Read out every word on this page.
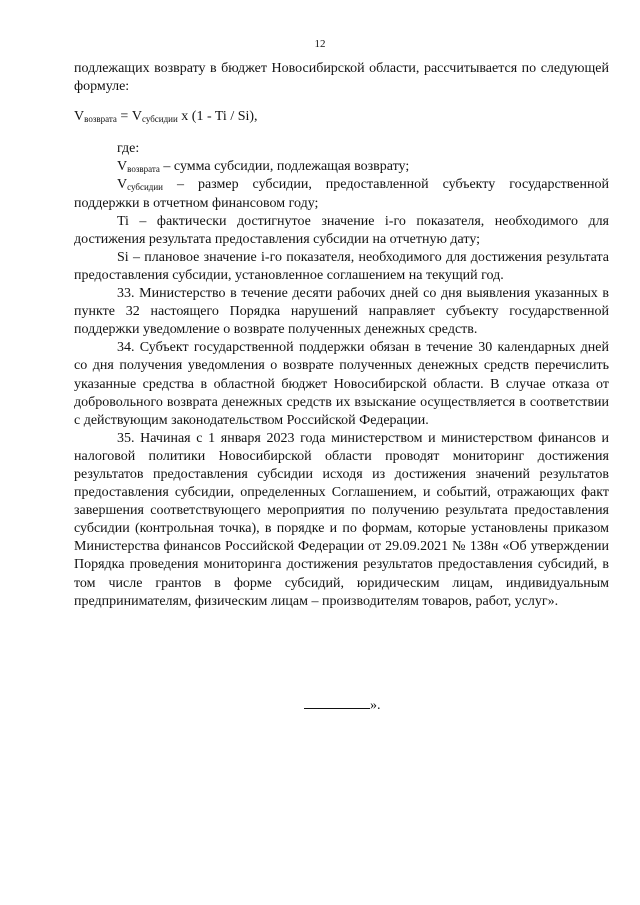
12

подлежащих возврату в бюджет Новосибирской области, рассчитывается по следующей формуле:

$V_{возврата} = V_{субсидии}$ x (1 - Ti / Si),

где:

$V_{возврата}$ – сумма субсидии, подлежащая возврату;

$V_{субсидии}$ – размер субсидии, предоставленной субъекту государственной поддержки в отчетном финансовом году;

Ti – фактически достигнутое значение i-го показателя, необходимого для достижения результата предоставления субсидии на отчетную дату;

Si – плановое значение i-го показателя, необходимого для достижения результата предоставления субсидии, установленное соглашением на текущий год.

33. Министерство в течение десяти рабочих дней со дня выявления указанных в пункте 32 настоящего Порядка нарушений направляет субъекту государственной поддержки уведомление о возврате полученных денежных средств.

34. Субъект государственной поддержки обязан в течение 30 календарных дней со дня получения уведомления о возврате полученных денежных средств перечислить указанные средства в областной бюджет Новосибирской области. В случае отказа от добровольного возврата денежных средств их взыскание осуществляется в соответствии с действующим законодательством Российской Федерации.

35. Начиная с 1 января 2023 года министерством и министерством финансов и налоговой политики Новосибирской области проводят мониторинг достижения результатов предоставления субсидии исходя из достижения значений результатов предоставления субсидии, определенных Соглашением, и событий, отражающих факт завершения соответствующего мероприятия по получению результата предоставления субсидии (контрольная точка), в порядке и по формам, которые установлены приказом Министерства финансов Российской Федерации от 29.09.2021 № 138н «Об утверждении Порядка проведения мониторинга достижения результатов предоставления субсидий, в том числе грантов в форме субсидий, юридическим лицам, индивидуальным предпринимателям, физическим лицам – производителям товаров, работ, услуг».

».
